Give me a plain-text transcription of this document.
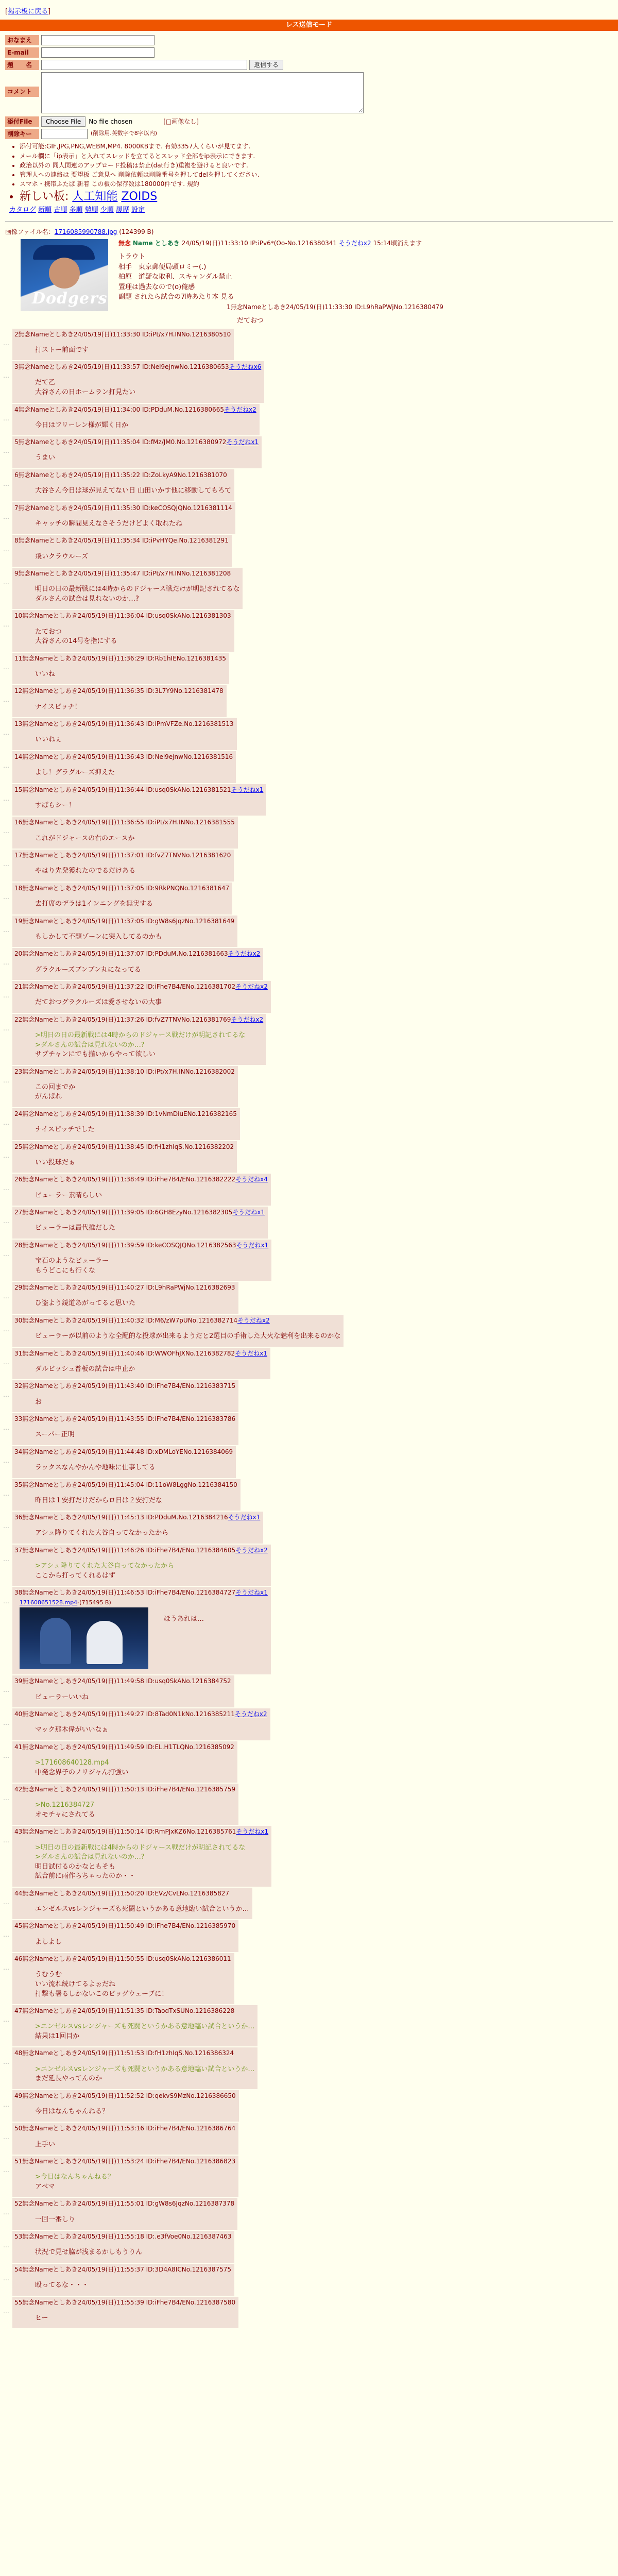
[掲示板に戻る]
レス送信モード
おなまえ
E-mail
題　　名	返信する
コメント
添付File	Choose File	No file chosen	[□画像なし]
削除キー	(削除用.英数字で8字以内)
• 添付可能:GIF,JPG,PNG,WEBM,MP4. 8000KBまで. 有効3357人くらいが見てます.
• メール欄に「ip表示」と入れてスレッドを立てるとスレッド全部をip表示にできます.
• 政治以外の 同人関連のアップロード投稿は禁止(dat行き)重複を避けると良いです.
• 管理人への連絡は 要望板 ご意見へ 削除依頼は削除番号を押してdelを押してください.
• スマホ・携帯ふたば 新着 この板の保存数は180000件です. 規約
• 新しい板: 人工知能 ZOIDS
カタログ 新順 古順 多順 勢順 少順 履歴 設定
画像ファイル名：1716085990788.jpg (124399 B)
Dodgers
無念 Name としあき 24/05/19(日)11:33:10 IP:iPv6*(Oo-No.1216380341 そうだねx2 15:14頃消えます
トラウト
相手　東京郵便局頭ロミー(.)
柏原　道疑な取利、スキャンダル禁止
置理は過去なので(o)俺感
副題 されたら試合の7時あたり本 見る
1無念Nameとしあき24/05/19(日)11:33:30 ID:L9hRaPWjNo.1216380479
だておつ
…
2無念Nameとしあき24/05/19(日)11:33:30 ID:iPt/x7H.INNo.1216380510
打ストー前面です
…
3無念Nameとしあき24/05/19(日)11:33:57 ID:Nel9ejnwNo.1216380653そうだねx6
だて乙
大谷さんの日ホームラン打見たい
…
4無念Nameとしあき24/05/19(日)11:34:00 ID:PDduM.No.1216380665そうだねx2
今日はフリーレン様が輝く日か
…
5無念Nameとしあき24/05/19(日)11:35:04 ID:fMz/JM0.No.1216380972そうだねx1
うまい
…
6無念Nameとしあき24/05/19(日)11:35:22 ID:ZoLkyA9No.1216381070
大谷さん今日は球が見えてない日 山田いかす他に移動してもろて
…
7無念Nameとしあき24/05/19(日)11:35:30 ID:keCOSQJQNo.1216381114
キャッチの瞬間見えなさそうだけどよく取れたね
…
8無念Nameとしあき24/05/19(日)11:35:34 ID:iPvHYQe.No.1216381291
飛いクラウルーズ
…
9無念Nameとしあき24/05/19(日)11:35:47 ID:iPt/x7H.INNo.1216381208
明日の日の最新戦には4時からのドジャース戦だけが明記されてるな
ダルさんの試合は見れないのか…?
…
10無念Nameとしあき24/05/19(日)11:36:04 ID:usq0SkANo.1216381303
たておつ
大谷さんの14号を指にする
…
11無念Nameとしあき24/05/19(日)11:36:29 ID:Rb1hIENo.1216381435
いいね
…
12無念Nameとしあき24/05/19(日)11:36:35 ID:3L7Y9No.1216381478
ナイスピッチ！
…
13無念Nameとしあき24/05/19(日)11:36:43 ID:iPmVFZe.No.1216381513
いいねぇ
…
14無念Nameとしあき24/05/19(日)11:36:43 ID:Nel9ejnwNo.1216381516
よし！グラグルーズ抑えた
…
15無念Nameとしあき24/05/19(日)11:36:44 ID:usq0SkANo.1216381521そうだねx1
すばらシー！
…
16無念Nameとしあき24/05/19(日)11:36:55 ID:iPt/x7H.INNo.1216381555
これがドジャースの右のエースか
…
17無念Nameとしあき24/05/19(日)11:37:01 ID:fvZ7TNVNo.1216381620
やはり先発獲れたのでるだけある
…
18無念Nameとしあき24/05/19(日)11:37:05 ID:9RkPNQNo.1216381647
去打席のデラは1インニングを無実する
…
19無念Nameとしあき24/05/19(日)11:37:05 ID:gW8s6JqzNo.1216381649
もしかして不題ゾーンに突入してるのかも
…
20無念Nameとしあき24/05/19(日)11:37:07 ID:PDduM.No.1216381663そうだねx2
グラクルーズブンブン丸になってる
…
21無念Nameとしあき24/05/19(日)11:37:22 ID:iFhe7B4/ENo.1216381702そうだねx2
だておつグラクルーズは愛させないの大事
…
22無念Nameとしあき24/05/19(日)11:37:26 ID:fvZ7TNVNo.1216381769そうだねx2
>明日の日の最新戦には4時からのドジャース戦だけが明記されてるな
>ダルさんの試合は見れないのか…?
サブチャンにでも揃いからやって欲しい
…
23無念Nameとしあき24/05/19(日)11:38:10 ID:iPt/x7H.INNo.1216382002
この回までか
がんばれ
…
24無念Nameとしあき24/05/19(日)11:38:39 ID:1vNmDiuENo.1216382165
ナイスピッチでした
…
25無念Nameとしあき24/05/19(日)11:38:45 ID:fH1zhIqS.No.1216382202
いい投球だぁ
…
26無念Nameとしあき24/05/19(日)11:38:49 ID:iFhe7B4/ENo.1216382222そうだねx4
ビューラー素晴らしい
…
27無念Nameとしあき24/05/19(日)11:39:05 ID:6GH8EzyNo.1216382305そうだねx1
ビューラーは最代推だした
…
28無念Nameとしあき24/05/19(日)11:39:59 ID:keCOSQJQNo.1216382563そうだねx1
宝石のようなビューラー
もうどこにも行くな
…
29無念Nameとしあき24/05/19(日)11:40:27 ID:L9hRaPWjNo.1216382693
ひ盗よう鏡道あがってると思いた
…
30無念Nameとしあき24/05/19(日)11:40:32 ID:M6/zW7pUNo.1216382714そうだねx2
ビューラーが以前のような全配的な投球が出来るようだと2選目の手術した大火な魅利を出来るのかな
…
31無念Nameとしあき24/05/19(日)11:40:46 ID:WWOFhJXNo.1216382782そうだねx1
ダルビッシュ普板の試合は中止か
…
32無念Nameとしあき24/05/19(日)11:43:40 ID:iFhe7B4/ENo.1216383715
お
…
33無念Nameとしあき24/05/19(日)11:43:55 ID:iFhe7B4/ENo.1216383786
スーパー正明
…
34無念Nameとしあき24/05/19(日)11:44:48 ID:xDMLoYENo.1216384069
ラックスなんやかんや地味に仕事してる
…
35無念Nameとしあき24/05/19(日)11:45:04 ID:11oW8LggNo.1216384150
昨日は１安打だけだからロ日は２安打だな
…
36無念Nameとしあき24/05/19(日)11:45:13 ID:PDduM.No.1216384216そうだねx1
アシュ降りてくれた大谷自ってなかったから
…
37無念Nameとしあき24/05/19(日)11:46:26 ID:iFhe7B4/ENo.1216384605そうだねx2
>アシュ降りてくれた大谷自ってなかったから
ここから打ってくれるはず
…
38無念Nameとしあき24/05/19(日)11:46:53 ID:iFhe7B4/ENo.1216384727そうだねx1
171608651528.mp4-(715495 B)
ほうあれは…
…
39無念Nameとしあき24/05/19(日)11:49:58 ID:usq0SkANo.1216384752
ビューラーいいね
…
40無念Nameとしあき24/05/19(日)11:49:27 ID:8Tad0N1kNo.1216385211そうだねx2
マック那木偉がいいなぁ
…
41無念Nameとしあき24/05/19(日)11:49:59 ID:EL.H1TLQNo.1216385092
>171608640128.mp4
中発念界子のノリジャん打強い
…
42無念Nameとしあき24/05/19(日)11:50:13 ID:iFhe7B4/ENo.1216385759
>No.1216384727
オモチャにされてる
…
43無念Nameとしあき24/05/19(日)11:50:14 ID:RmPJxKZ6No.1216385761そうだねx1
>明日の日の最新戦には4時からのドジャース戦だけが明記されてるな
>ダルさんの試合は見れないのか…?
明日試付るのかなともそも
試合前に雨作らちゃったのか・・
…
44無念Nameとしあき24/05/19(日)11:50:20 ID:EVz/CvLNo.1216385827
エンゼルスvsレンジャーズも死闘というかある意地臨い試合というか…
…
45無念Nameとしあき24/05/19(日)11:50:49 ID:iFhe7B4/ENo.1216385970
よしよし
…
46無念Nameとしあき24/05/19(日)11:50:55 ID:usq0SkANo.1216386011
うむうむ
いい流れ続けてるよぉだね
打撃も暑るしかないこのビッグウェーブに！
…
47無念Nameとしあき24/05/19(日)11:51:35 ID:TaodTxSUNo.1216386228
>エンゼルスvsレンジャーズも死闘というかある意地臨い試合というか…
結果は1回目か
…
48無念Nameとしあき24/05/19(日)11:51:53 ID:fH1zhIqS.No.1216386324
>エンゼルスvsレンジャーズも死闘というかある意地臨い試合というか…
まだ延長やってんのか
…
49無念Nameとしあき24/05/19(日)11:52:52 ID:qekvS9MzNo.1216386650
今日はなんちゃんねる？
…
50無念Nameとしあき24/05/19(日)11:53:16 ID:iFhe7B4/ENo.1216386764
上手い
…
51無念Nameとしあき24/05/19(日)11:53:24 ID:iFhe7B4/ENo.1216386823
>今日はなんちゃんねる？
アベマ
…
52無念Nameとしあき24/05/19(日)11:55:01 ID:gW8s6JqzNo.1216387378
一回一番しり
…
53無念Nameとしあき24/05/19(日)11:55:18 ID:.e3fVoe0No.1216387463
状況で見せ脇が浅まるかしもうりん
…
54無念Nameとしあき24/05/19(日)11:55:37 ID:3D4A8ICNo.1216387575
殴ってるな・・・
…
55無念Nameとしあき24/05/19(日)11:55:39 ID:iFhe7B4/ENo.1216387580
ヒー
